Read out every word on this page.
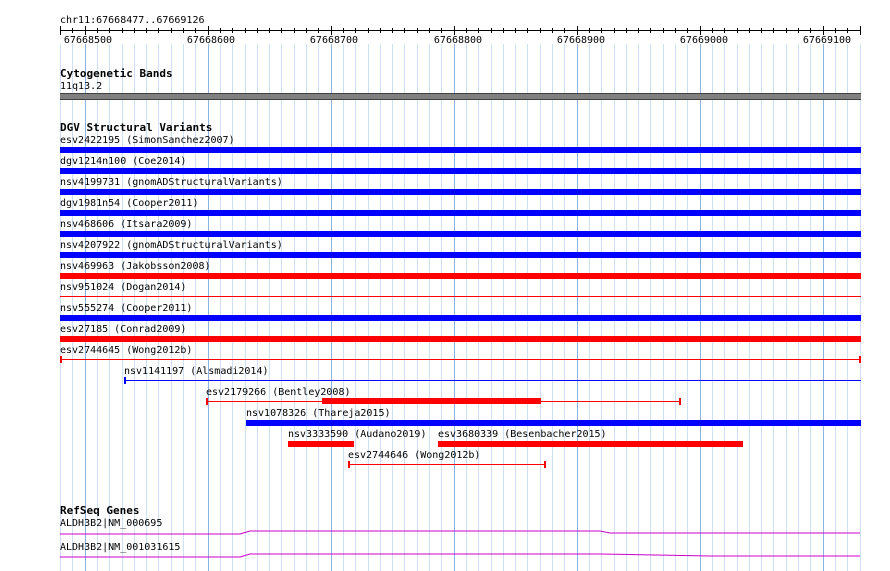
chr11:67668477..67669126
67668500	67668600	67668700	67668800	67668900	67669000	67669100
Cytogenetic Bands
11q13.2
DGV Structural Variants
esv2422195 (SimonSanchez2007)
dgv1214n100 (Coe2014)
nsv4199731 (gnomADStructuralVariants)
dgv1981n54 (Cooper2011)
nsv468606 (Itsara2009)
nsv4207922 (gnomADStructuralVariants)
nsv469963 (Jakobsson2008)
nsv951024 (Dogan2014)
nsv555274 (Cooper2011)
esv27185 (Conrad2009)
esv2744645 (Wong2012b)
nsv1141197 (Alsmadi2014)
esv2179266 (Bentley2008)
nsv1078326 (Thareja2015)
nsv3333590 (Audano2019) esv3680339 (Besenbacher2015)
esv2744646 (Wong2012b)
RefSeq Genes
ALDH3B2|NM_000695
ALDH3B2|NM_001031615
